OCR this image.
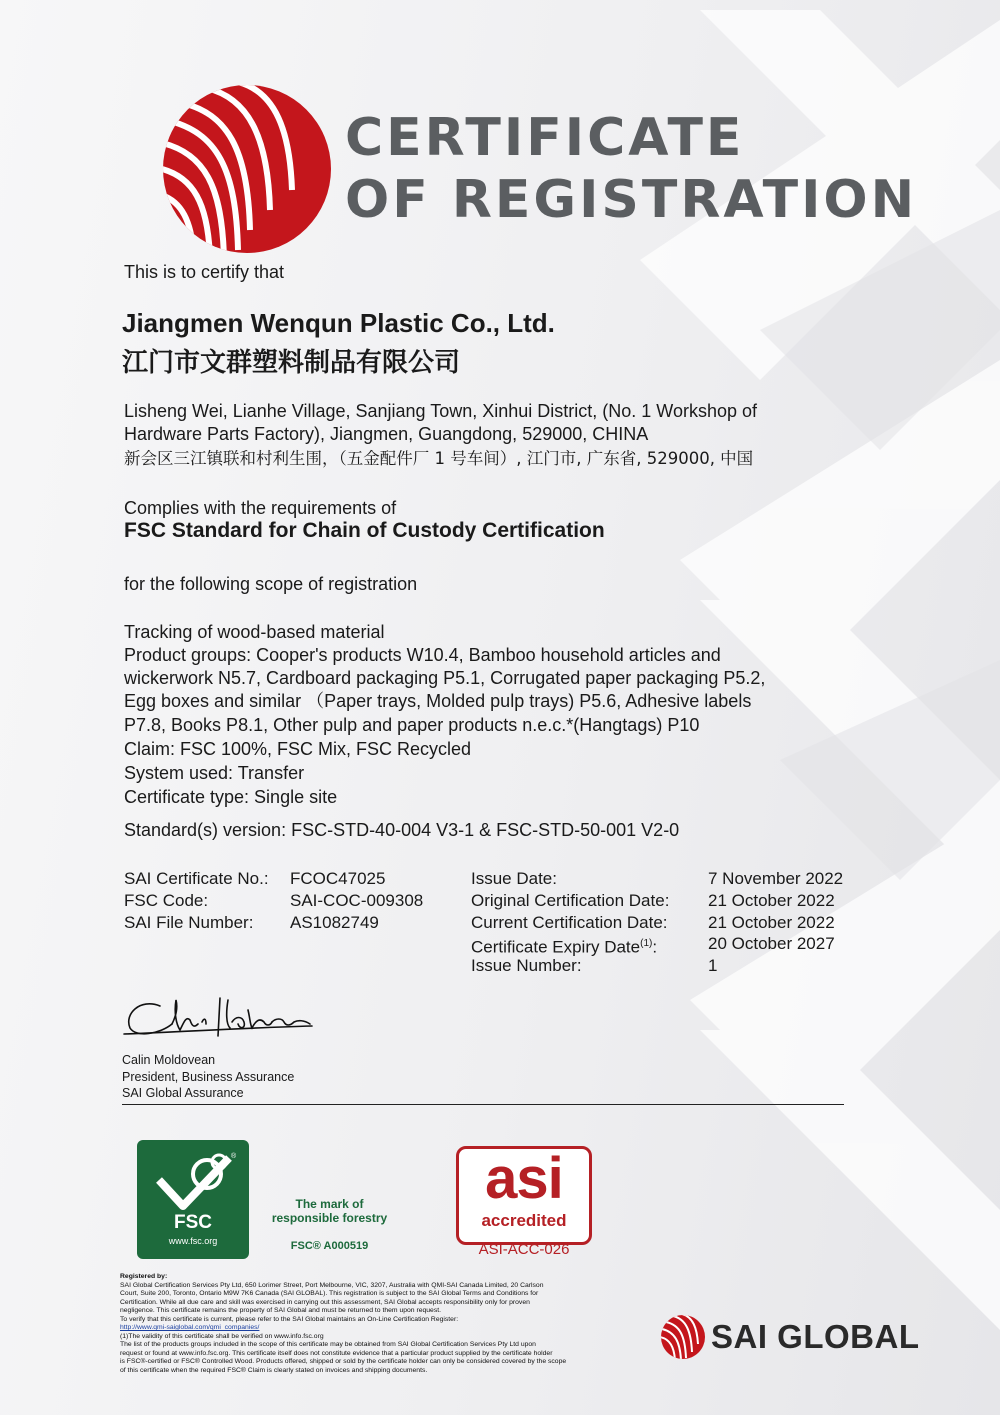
CERTIFICATE
OF REGISTRATION
This is to certify that
Jiangmen Wenqun Plastic Co., Ltd.
江门市文群塑料制品有限公司
Lisheng Wei, Lianhe Village, Sanjiang Town, Xinhui District, (No. 1 Workshop of
Hardware Parts Factory), Jiangmen, Guangdong, 529000, CHINA
新会区三江镇联和村利生围，（五金配件厂 1 号车间）, 江门市, 广东省, 529000, 中国
Complies with the requirements of
FSC Standard for Chain of Custody Certification
for the following scope of registration
Tracking of wood-based material
Product groups: Cooper's products W10.4, Bamboo household articles and
wickerwork N5.7, Cardboard packaging P5.1, Corrugated paper packaging P5.2,
Egg boxes and similar （Paper trays, Molded pulp trays) P5.6, Adhesive labels
P7.8, Books P8.1, Other pulp and paper products n.e.c.*(Hangtags) P10
Claim: FSC 100%, FSC Mix, FSC Recycled
System used: Transfer
Certificate type: Single site
Standard(s) version: FSC-STD-40-004 V3-1 & FSC-STD-50-001 V2-0
SAI Certificate No.: FCOC47025
FSC Code:	SAI-COC-009308
SAI File Number: AS1082749
Issue Date:	7 November 2022
Original Certification Date: 21 October 2022
Current Certification Date: 21 October 2022
Certificate Expiry Date$^{(1)}$:	20 October 2027
Issue Number:	1
Calin Moldovean
President, Business Assurance
SAI Global Assurance
®
FSC
www.fsc.org
The mark of
responsible forestry
FSC® A000519
asi
accredited
ASI-ACC-026

Registered by:

SAI Global Certification Services Pty Ltd, 650 Lorimer Street, Port Melbourne, VIC, 3207, Australia with QMI-SAI Canada Limited, 20 Carlson

Court, Suite 200, Toronto, Ontario M9W 7K6 Canada (SAI GLOBAL). This registration is subject to the SAI Global Terms and Conditions for

Certification. While all due care and skill was exercised in carrying out this assessment, SAI Global accepts responsibility only for proven

negligence. This certificate remains the property of SAI Global and must be returned to them upon request.

To verify that this certificate is current, please refer to the SAI Global maintains an On-Line Certification Register:

http://www.qmi-saiglobal.com/qmi_companies/

(1)The validity of this certificate shall be verified on www.info.fsc.org

The list of the products groups included in the scope of this certificate may be obtained from SAI Global Certification Services Pty Ltd upon

request or found at www.info.fsc.org. This certificate itself does not constitute evidence that a particular product supplied by the certificate holder

is FSC®-certified or FSC® Controlled Wood. Products offered, shipped or sold by the certificate holder can only be considered covered by the scope

of this certificate when the required FSC® Claim is clearly stated on invoices and shipping documents.

SAI GLOBAL
